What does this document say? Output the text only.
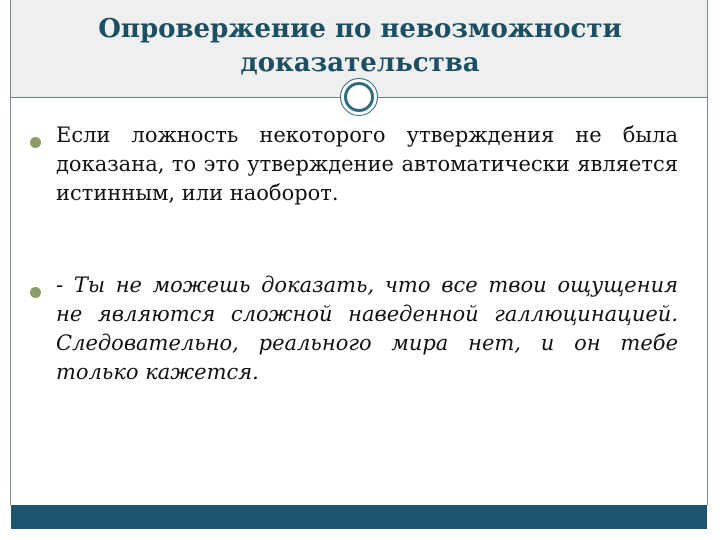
Опровержение по невозможности доказательства

Если ложность некоторого утверждения не была доказана, то это утверждение автоматически является истинным, или наоборот.

- Ты не можешь доказать, что все твои ощущения не являются сложной наведенной галлюцинацией. Следовательно, реального мира нет, и он тебе только кажется.
